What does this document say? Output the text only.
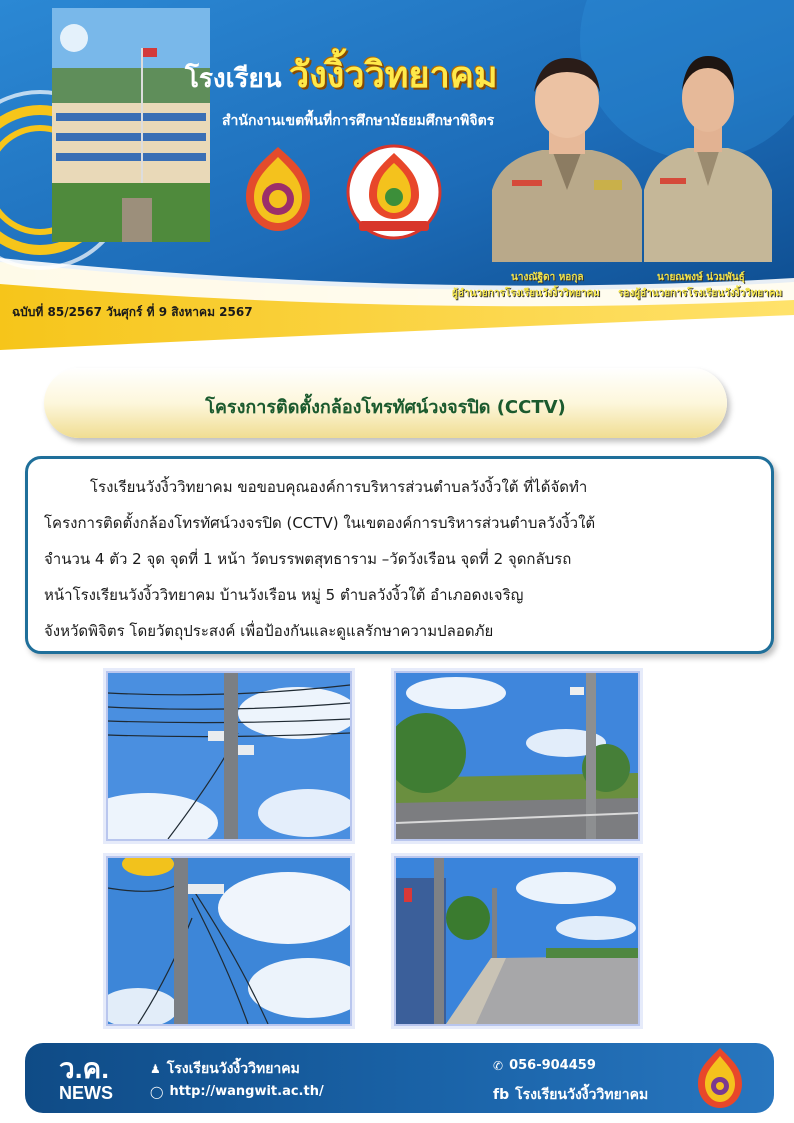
โรงเรียน วังงิ้ววิทยาคม
สำนักงานเขตพื้นที่การศึกษามัธยมศึกษาพิจิตร
นางณัฐิดา หอกุล	นายณพงษ์ น่วมพันธุ์
ผู้อำนวยการโรงเรียนวังงิ้ววิทยาคม รองผู้อำนวยการโรงเรียนวังงิ้ววิทยาคม
ฉบับที่ 85/2567 วันศุกร์ ที่ 9 สิงหาคม 2567
โครงการติดตั้งกล้องโทรทัศน์วงจรปิด (CCTV)
โรงเรียนวังงิ้ววิทยาคม ขอขอบคุณองค์การบริหารส่วนตำบลวังงิ้วใต้ ที่ได้จัดทำ
โครงการติดตั้งกล้องโทรทัศน์วงจรปิด (CCTV) ในเขตองค์การบริหารส่วนตำบลวังงิ้วใต้
จำนวน 4 ตัว 2 จุด จุดที่ 1 หน้า วัดบรรพตสุทธาราม –วัดวังเรือน จุดที่ 2 จุดกลับรถ
หน้าโรงเรียนวังงิ้ววิทยาคม บ้านวังเรือน หมู่ 5 ตำบลวังงิ้วใต้ อำเภอดงเจริญ
จังหวัดพิจิตร โดยวัตถุประสงค์ เพื่อป้องกันและดูแลรักษาความปลอดภัย
ว.ค.
NEWS
♟ โรงเรียนวังงิ้ววิทยาคม
◯ http://wangwit.ac.th/
✆ 056-904459
fb โรงเรียนวังงิ้ววิทยาคม
